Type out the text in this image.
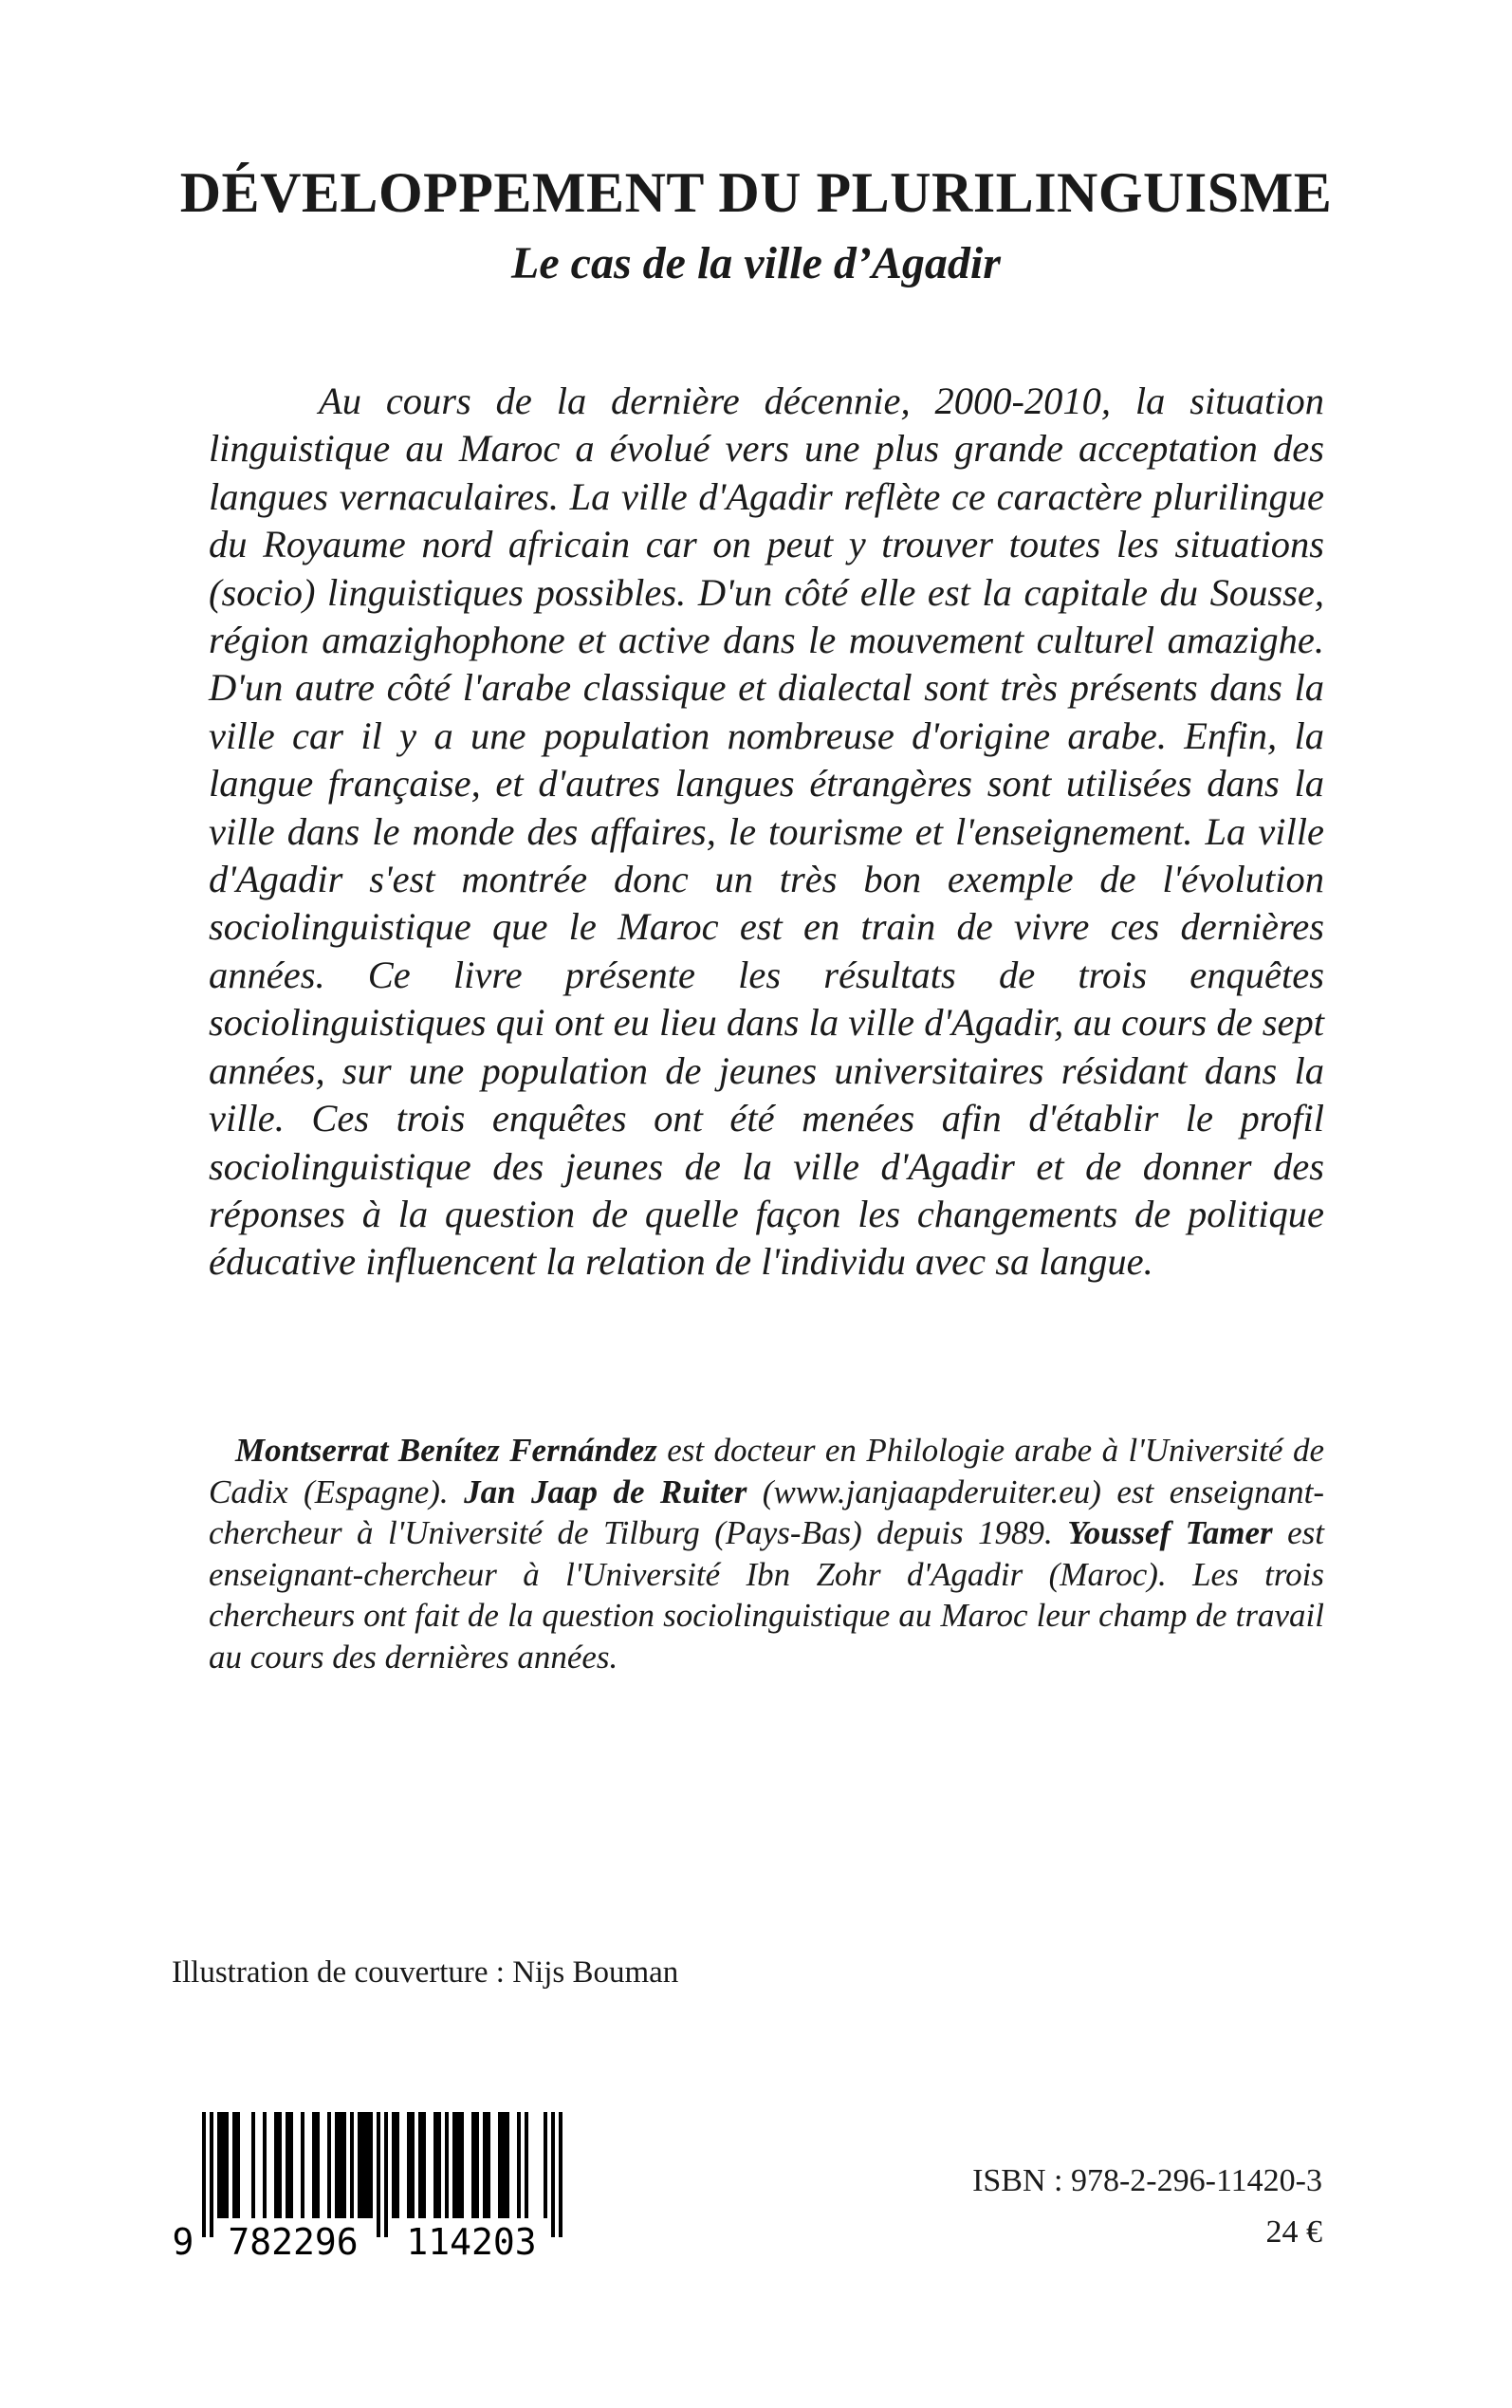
DÉVELOPPEMENT DU PLURILINGUISME
Le cas de la ville d’Agadir

Au cours de la dernière décennie, 2000-2010, la situation linguistique au Maroc a évolué vers une plus grande acceptation des langues vernaculaires. La ville d'Agadir reflète ce caractère plurilingue du Royaume nord africain car on peut y trouver toutes les situations (socio) linguistiques possibles. D'un côté elle est la capitale du Sousse, région amazighophone et active dans le mouvement culturel amazighe. D'un autre côté l'arabe classique et dialectal sont très présents dans la ville car il y a une population nombreuse d'origine arabe. Enfin, la langue française, et d'autres langues étrangères sont utilisées dans la ville dans le monde des affaires, le tourisme et l'enseignement. La ville d'Agadir s'est montrée donc un très bon exemple de l'évolution sociolinguistique que le Maroc est en train de vivre ces dernières années. Ce livre présente les résultats de trois enquêtes sociolinguistiques qui ont eu lieu dans la ville d'Agadir, au cours de sept années, sur une population de jeunes universitaires résidant dans la ville. Ces trois enquêtes ont été menées afin d'établir le profil sociolinguistique des jeunes de la ville d'Agadir et de donner des réponses à la question de quelle façon les changements de politique éducative influencent la relation de l'individu avec sa langue.

Montserrat Benítez Fernández est docteur en Philologie arabe à l'Université de Cadix (Espagne). Jan Jaap de Ruiter (www.janjaapderuiter.eu) est enseignant-chercheur à l'Université de Tilburg (Pays-Bas) depuis 1989. Youssef Tamer est enseignant-chercheur à l'Université Ibn Zohr d'Agadir (Maroc). Les trois chercheurs ont fait de la question sociolinguistique au Maroc leur champ de travail au cours des dernières années.

Illustration de couverture : Nijs Bouman
9 782296 114203
ISBN : 978-2-296-11420-3
24 €
